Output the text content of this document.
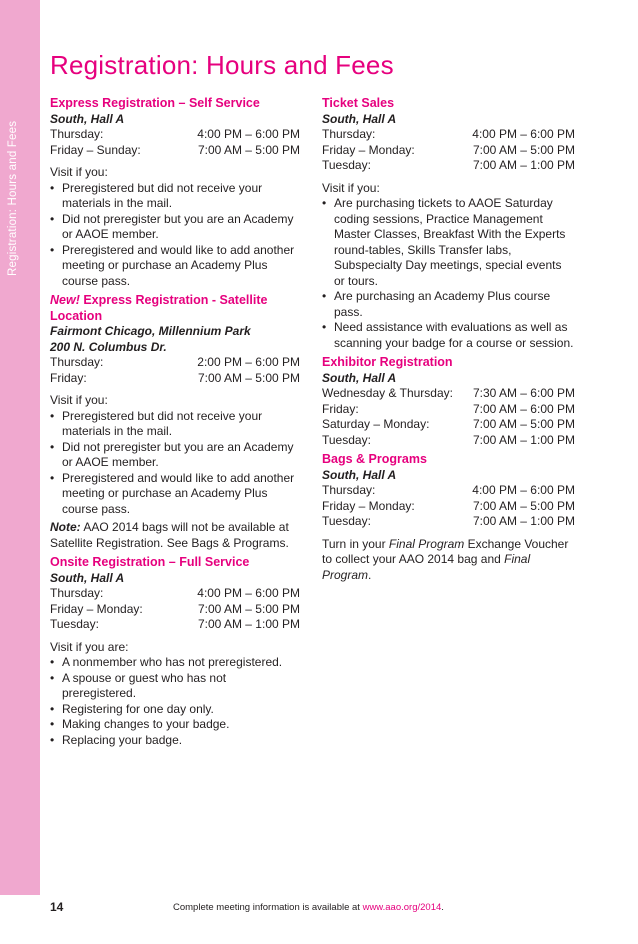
Registration: Hours and Fees
Registration: Hours and Fees
Express Registration – Self Service
South, Hall A
Thursday:	4:00 PM – 6:00 PM
Friday – Sunday:	7:00 AM – 5:00 PM
Visit if you:
• Preregistered but did not receive your materials in the mail.
• Did not preregister but you are an Academy or AAOE member.
• Preregistered and would like to add another meeting or purchase an Academy Plus course pass.
New! Express Registration - Satellite Location
Fairmont Chicago, Millennium Park
200 N. Columbus Dr.
Thursday:	2:00 PM – 6:00 PM
Friday:	7:00 AM – 5:00 PM
Visit if you:
• Preregistered but did not receive your materials in the mail.
• Did not preregister but you are an Academy or AAOE member.
• Preregistered and would like to add another meeting or purchase an Academy Plus course pass.
Note: AAO 2014 bags will not be available at Satellite Registration. See Bags & Programs.
Onsite Registration – Full Service
South, Hall A
Thursday:	4:00 PM – 6:00 PM
Friday – Monday:	7:00 AM – 5:00 PM
Tuesday:	7:00 AM – 1:00 PM
Visit if you are:
• A nonmember who has not preregistered.
• A spouse or guest who has not preregistered.
• Registering for one day only.
• Making changes to your badge.
• Replacing your badge.
Ticket Sales
South, Hall A
Thursday:	4:00 PM – 6:00 PM
Friday – Monday:	7:00 AM – 5:00 PM
Tuesday:	7:00 AM – 1:00 PM
Visit if you:
• Are purchasing tickets to AAOE Saturday coding sessions, Practice Management Master Classes, Breakfast With the Experts round-tables, Skills Transfer labs, Subspecialty Day meetings, special events or tours.
• Are purchasing an Academy Plus course pass.
• Need assistance with evaluations as well as scanning your badge for a course or session.
Exhibitor Registration
South, Hall A
Wednesday & Thursday: 7:30 AM – 6:00 PM
Friday:	7:00 AM – 6:00 PM
Saturday – Monday:	7:00 AM – 5:00 PM
Tuesday:	7:00 AM – 1:00 PM
Bags & Programs
South, Hall A
Thursday:	4:00 PM – 6:00 PM
Friday – Monday:	7:00 AM – 5:00 PM
Tuesday:	7:00 AM – 1:00 PM
Turn in your Final Program Exchange Voucher to collect your AAO 2014 bag and Final Program.
14	Complete meeting information is available at www.aao.org/2014.
